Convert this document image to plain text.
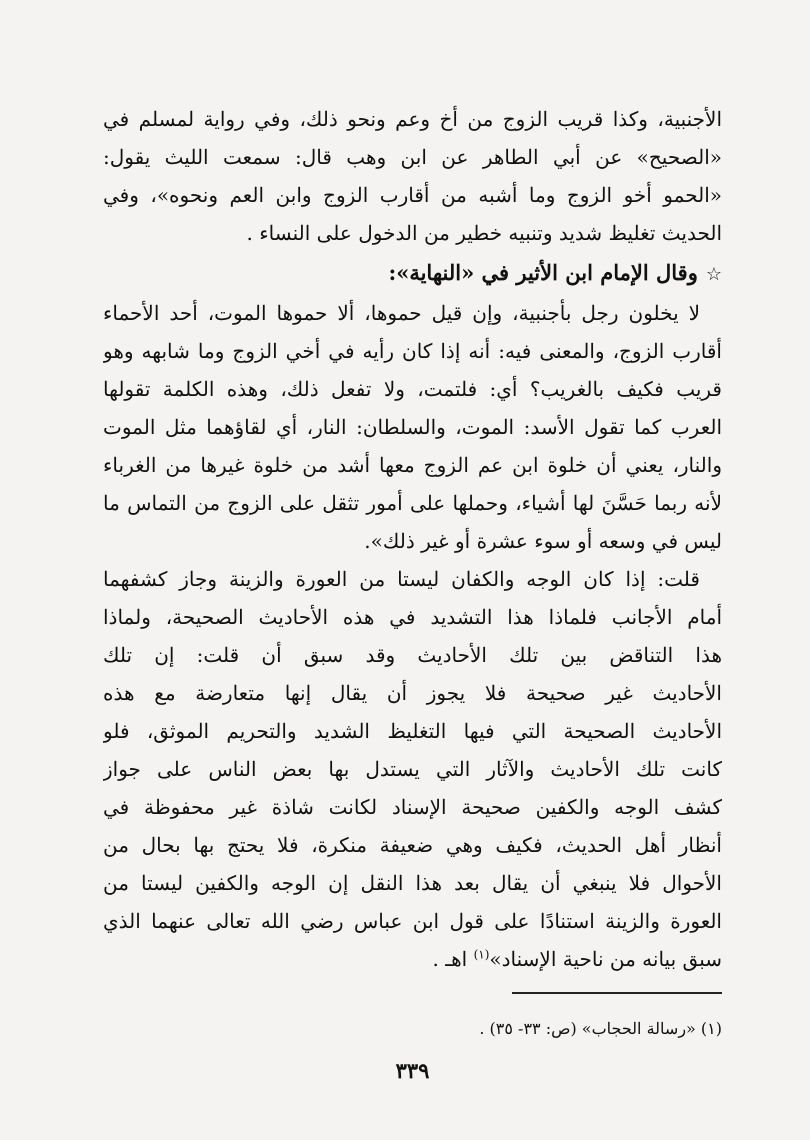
الأجنبية، وكذا قريب الزوج من أخ وعم ونحو ذلك، وفي رواية لمسلم في
«الصحيح» عن أبي الطاهر عن ابن وهب قال: سمعت الليث يقول:
«الحمو أخو الزوج وما أشبه من أقارب الزوج وابن العم ونحوه»، وفي
الحديث تغليظ شديد وتنبيه خطير من الدخول على النساء .
☆وقال الإمام ابن الأثير في «النهاية»:
لا يخلون رجل بأجنبية، وإن قيل حموها، ألا حموها الموت، أحد الأحماء
أقارب الزوج، والمعنى فيه: أنه إذا كان رأيه في أخي الزوج وما شابهه وهو
قريب فكيف بالغريب؟ أي: فلتمت، ولا تفعل ذلك، وهذه الكلمة تقولها
العرب كما تقول الأسد: الموت، والسلطان: النار، أي لقاؤهما مثل الموت
والنار، يعني أن خلوة ابن عم الزوج معها أشد من خلوة غيرها من الغرباء
لأنه ربما حَسَّنَ لها أشياء، وحملها على أمور تثقل على الزوج من التماس ما
ليس في وسعه أو سوء عشرة أو غير ذلك».
قلت: إذا كان الوجه والكفان ليستا من العورة والزينة وجاز كشفهما
أمام الأجانب فلماذا هذا التشديد في هذه الأحاديث الصحيحة، ولماذا
هذا التناقض بين تلك الأحاديث وقد سبق أن قلت: إن تلك
الأحاديث غير صحيحة فلا يجوز أن يقال إنها متعارضة مع هذه
الأحاديث الصحيحة التي فيها التغليظ الشديد والتحريم الموثق، فلو
كانت تلك الأحاديث والآثار التي يستدل بها بعض الناس على جواز
كشف الوجه والكفين صحيحة الإسناد لكانت شاذة غير محفوظة في
أنظار أهل الحديث، فكيف وهي ضعيفة منكرة، فلا يحتج بها بحال من
الأحوال فلا ينبغي أن يقال بعد هذا النقل إن الوجه والكفين ليستا من
العورة والزينة استنادًا على قول ابن عباس رضي الله تعالى عنهما الذي
سبق بيانه من ناحية الإسناد»$^{(١)}$ اهـ .
(١) «رسالة الحجاب» (ص: ٣٣- ٣٥) .
٣٣٩
